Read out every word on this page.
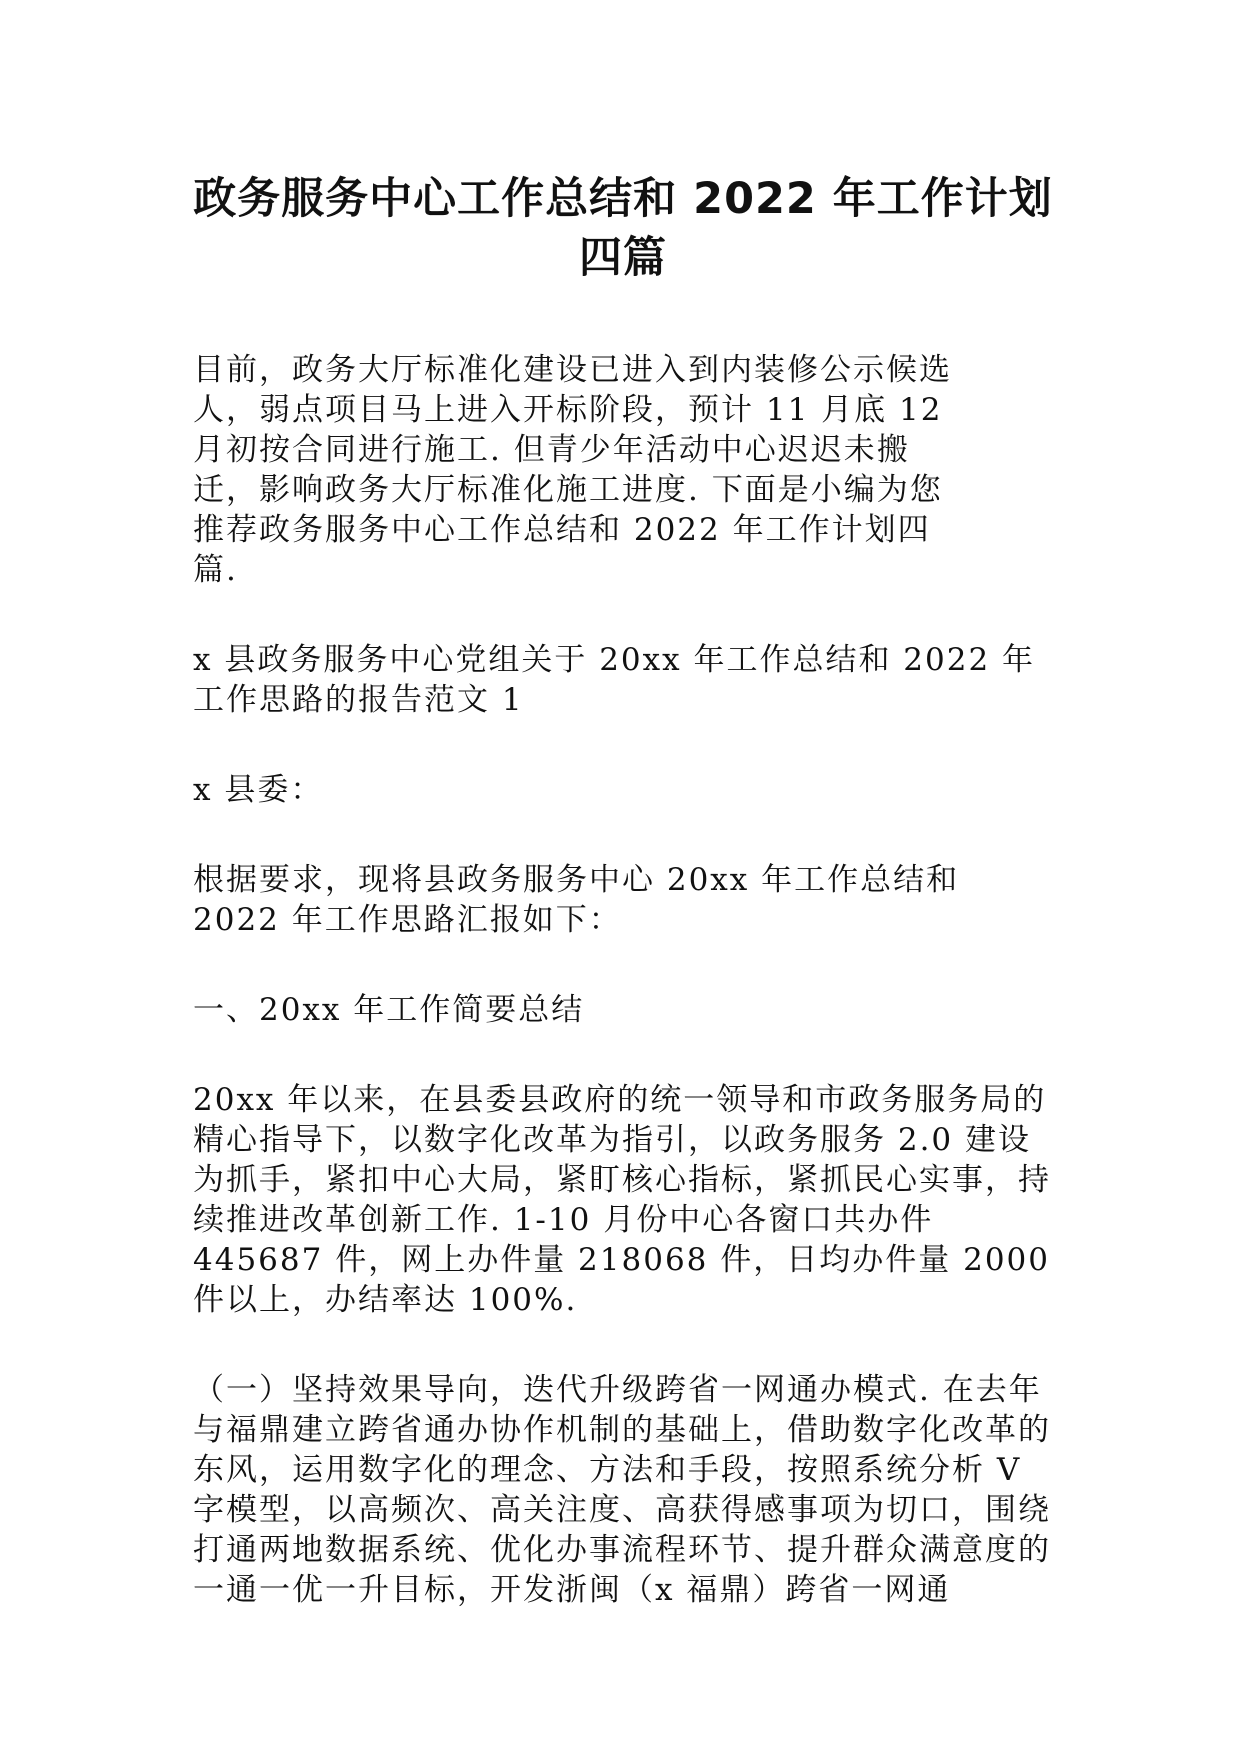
政务服务中心工作总结和 2022 年工作计划
四篇

目前，政务大厅标准化建设已进入到内装修公示候选人，弱点项目马上进入开标阶段，预计 11 月底 12 月初按合同进行施工. 但青少年活动中心迟迟未搬迁，影响政务大厅标准化施工进度. 下面是小编为您推荐政务服务中心工作总结和 2022 年工作计划四篇.

x 县政务服务中心党组关于 20xx 年工作总结和 2022 年工作思路的报告范文 1

x 县委：

根据要求，现将县政务服务中心 20xx 年工作总结和 2022 年工作思路汇报如下：

一、20xx 年工作简要总结

20xx 年以来，在县委县政府的统一领导和市政务服务局的精心指导下，以数字化改革为指引，以政务服务 2.0 建设为抓手，紧扣中心大局，紧盯核心指标，紧抓民心实事，持续推进改革创新工作. 1-10 月份中心各窗口共办件 445687 件，网上办件量 218068 件，日均办件量 2000 件以上，办结率达 100%.

（一）坚持效果导向，迭代升级跨省一网通办模式. 在去年与福鼎建立跨省通办协作机制的基础上，借助数字化改革的东风，运用数字化的理念、方法和手段，按照系统分析 V 字模型，以高频次、高关注度、高获得感事项为切口，围绕打通两地数据系统、优化办事流程环节、提升群众满意度的一通一优一升目标，开发浙闽（x 福鼎）跨省一网通
